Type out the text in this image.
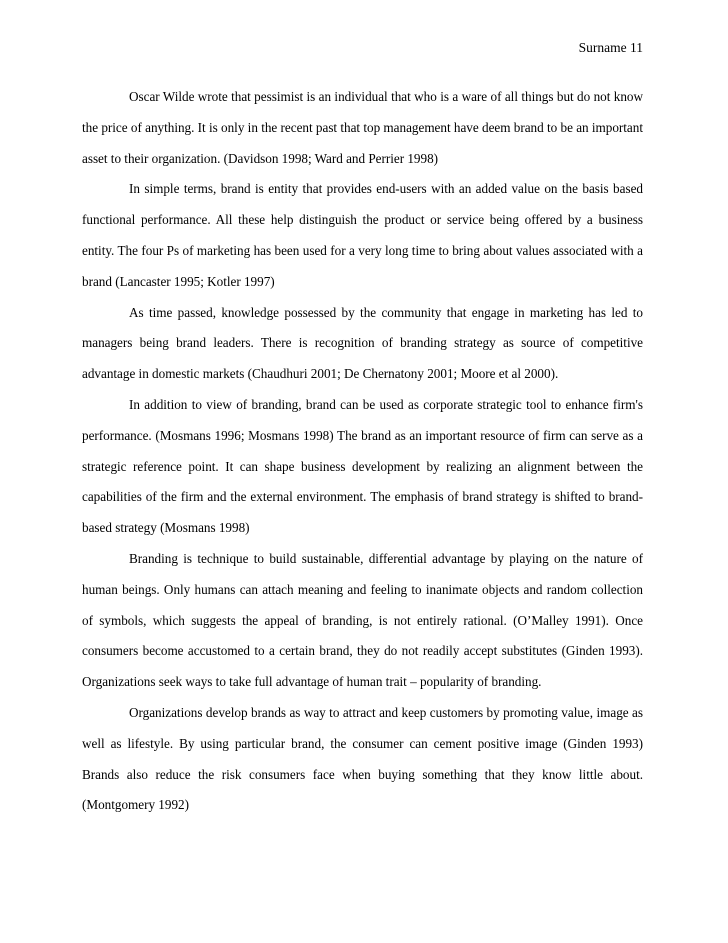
Surname 11

Oscar Wilde wrote that pessimist is an individual that who is a ware of all things but do not know the price of anything. It is only in the recent past that top management have deem brand to be an important asset to their organization. (Davidson 1998; Ward and Perrier 1998)

In simple terms, brand is entity that provides end-users with an added value on the basis based functional performance. All these help distinguish the product or service being offered by a business entity. The four Ps of marketing has been used for a very long time to bring about values associated with a brand (Lancaster 1995; Kotler 1997)

As time passed, knowledge possessed by the community that engage in marketing has led to managers being brand leaders. There is recognition of branding strategy as source of competitive advantage in domestic markets (Chaudhuri 2001; De Chernatony 2001; Moore et al 2000).

In addition to view of branding, brand can be used as corporate strategic tool to enhance firm's performance. (Mosmans 1996; Mosmans 1998) The brand as an important resource of firm can serve as a strategic reference point. It can shape business development by realizing an alignment between the capabilities of the firm and the external environment. The emphasis of brand strategy is shifted to brand-based strategy (Mosmans 1998)

Branding is technique to build sustainable, differential advantage by playing on the nature of human beings. Only humans can attach meaning and feeling to inanimate objects and random collection of symbols, which suggests the appeal of branding, is not entirely rational. (O’Malley 1991). Once consumers become accustomed to a certain brand, they do not readily accept substitutes (Ginden 1993). Organizations seek ways to take full advantage of human trait – popularity of branding.

Organizations develop brands as way to attract and keep customers by promoting value, image as well as lifestyle. By using particular brand, the consumer can cement positive image (Ginden 1993) Brands also reduce the risk consumers face when buying something that they know little about. (Montgomery 1992)
